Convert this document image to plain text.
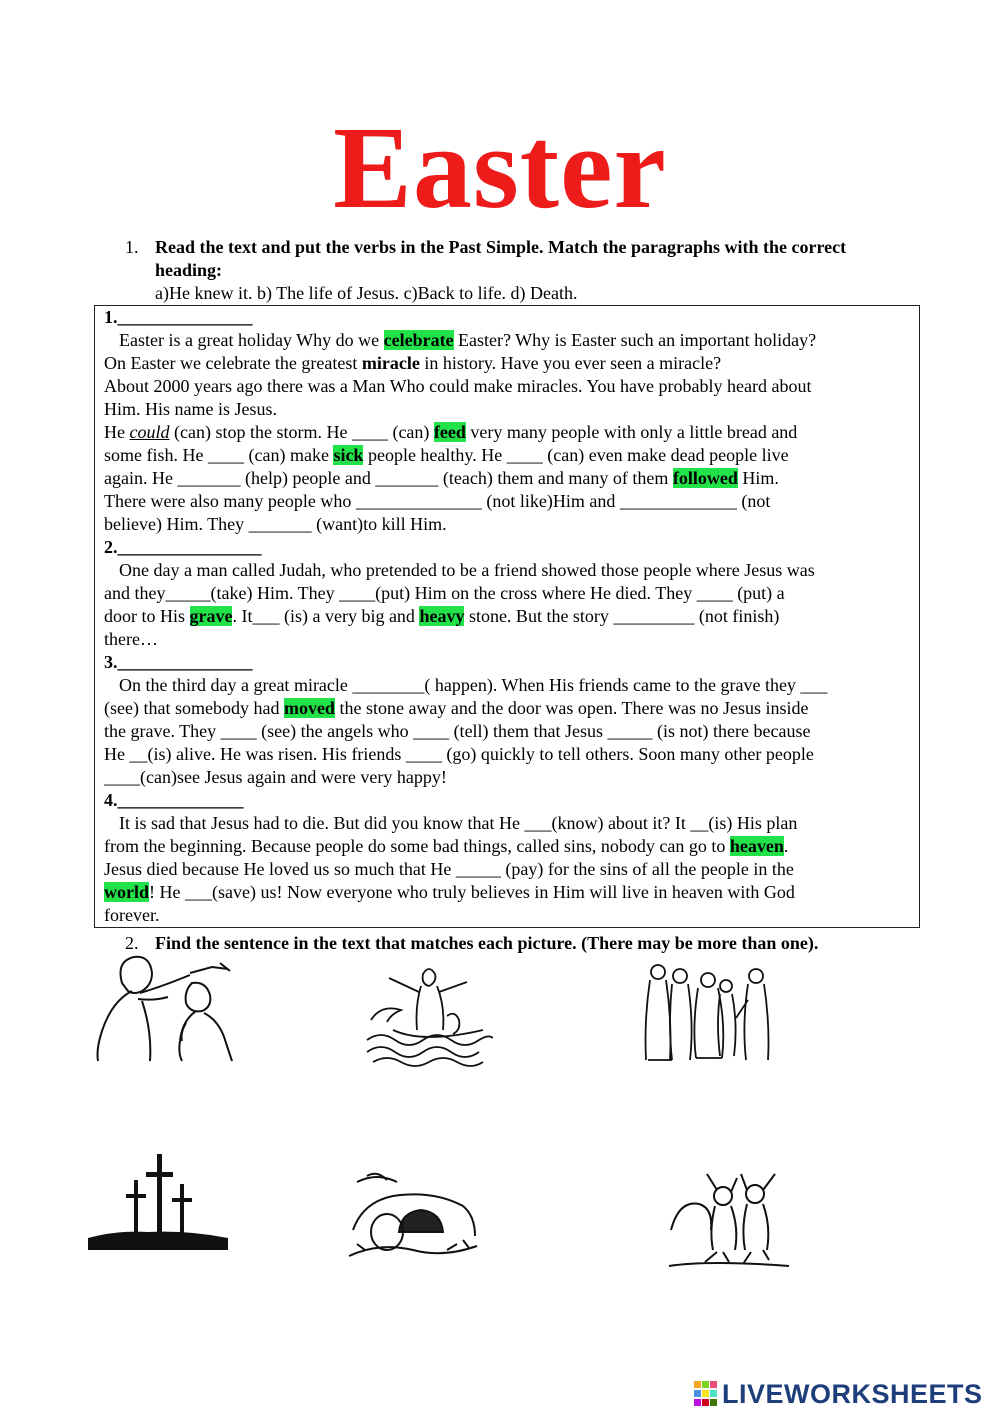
Easter
1. Read the text and put the verbs in the Past Simple. Match the paragraphs with the correct heading:
a)He knew it. b) The life of Jesus. c)Back to life. d) Death.

1._______________

Easter is a great holiday Why do we celebrate Easter? Why is Easter such an important holiday?

On Easter we celebrate the greatest miracle in history. Have you ever seen a miracle?

About 2000 years ago there was a Man Who could make miracles. You have probably heard about

Him. His name is Jesus.

He could (can) stop the storm. He ____ (can) feed very many people with only a little bread and

some fish. He ____ (can) make sick people healthy. He ____ (can) even make dead people live

again. He _______ (help) people and _______ (teach) them and many of them followed Him.

There were also many people who ______________ (not like)Him and _____________ (not

believe) Him. They _______ (want)to kill Him.

2.________________

One day a man called Judah, who pretended to be a friend showed those people where Jesus was

and they_____(take) Him. They ____(put) Him on the cross where He died. They ____ (put) a

door to His grave. It___ (is) a very big and heavy stone. But the story _________ (not finish)

there…

3._______________

On the third day a great miracle ________( happen). When His friends came to the grave they ___

(see) that somebody had moved the stone away and the door was open. There was no Jesus inside

the grave. They ____ (see) the angels who ____ (tell) them that Jesus _____ (is not) there because

He __(is) alive. He was risen. His friends ____ (go) quickly to tell others. Soon many other people

____(can)see Jesus again and were very happy!

4.______________

It is sad that Jesus had to die. But did you know that He ___(know) about it? It __(is) His plan

from the beginning. Because people do some bad things, called sins, nobody can go to heaven.

Jesus died because He loved us so much that He _____ (pay) for the sins of all the people in the

world! He ___(save) us! Now everyone who truly believes in Him will live in heaven with God

forever.

2. Find the sentence in the text that matches each picture. (There may be more than one).
LIVEWORKSHEETS
